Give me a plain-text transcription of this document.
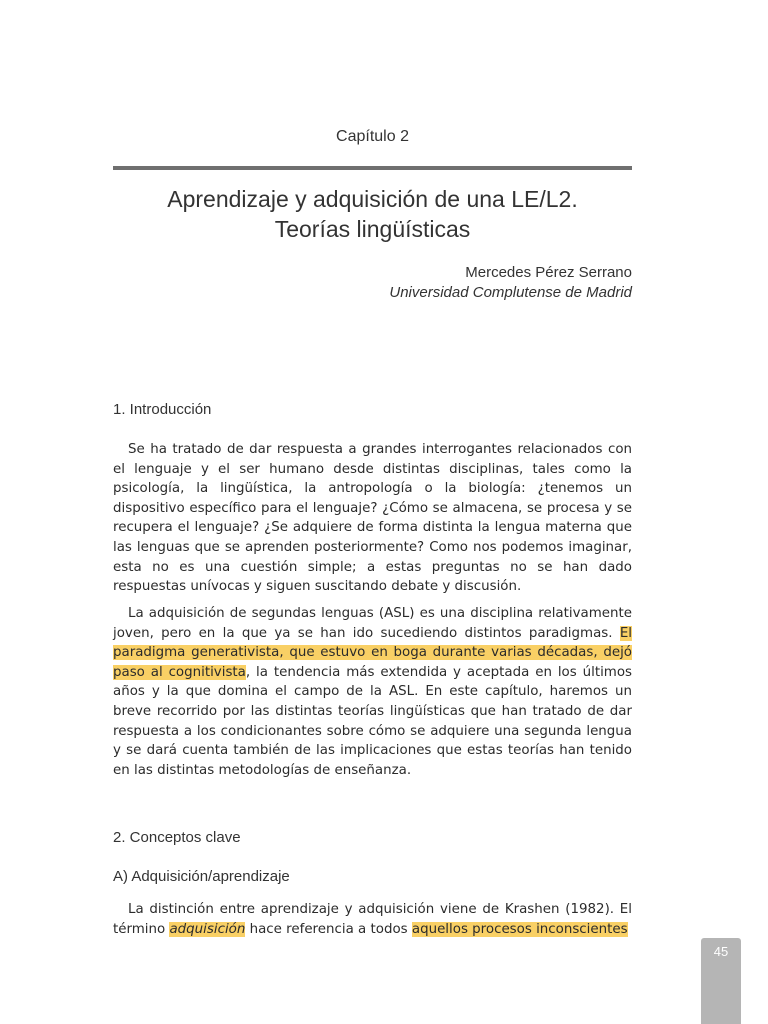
Capítulo 2
Aprendizaje y adquisición de una LE/L2.
Teorías lingüísticas
Mercedes Pérez Serrano
Universidad Complutense de Madrid
1. Introducción

Se ha tratado de dar respuesta a grandes interrogantes relacionados con el lenguaje y el ser humano desde distintas disciplinas, tales como la psicología, la lingüística, la antropología o la biología: ¿tenemos un dispositivo específico para el lenguaje? ¿Cómo se almacena, se procesa y se recupera el lenguaje? ¿Se adquiere de forma distinta la lengua materna que las lenguas que se aprenden posteriormente? Como nos podemos imaginar, esta no es una cuestión simple; a estas preguntas no se han dado respuestas unívocas y siguen suscitando debate y discusión.

La adquisición de segundas lenguas (ASL) es una disciplina relativamente joven, pero en la que ya se han ido sucediendo distintos paradigmas. El paradigma generativista, que estuvo en boga durante varias décadas, dejó paso al cognitivista, la tendencia más extendida y aceptada en los últimos años y la que domina el campo de la ASL. En este capítulo, haremos un breve recorrido por las distintas teorías lingüísticas que han tratado de dar respuesta a los condicionantes sobre cómo se adquiere una segunda lengua y se dará cuenta también de las implicaciones que estas teorías han tenido en las distintas metodologías de enseñanza.

2. Conceptos clave
A) Adquisición/aprendizaje

La distinción entre aprendizaje y adquisición viene de Krashen (1982). El término adquisición hace referencia a todos aquellos procesos inconscientes

45
